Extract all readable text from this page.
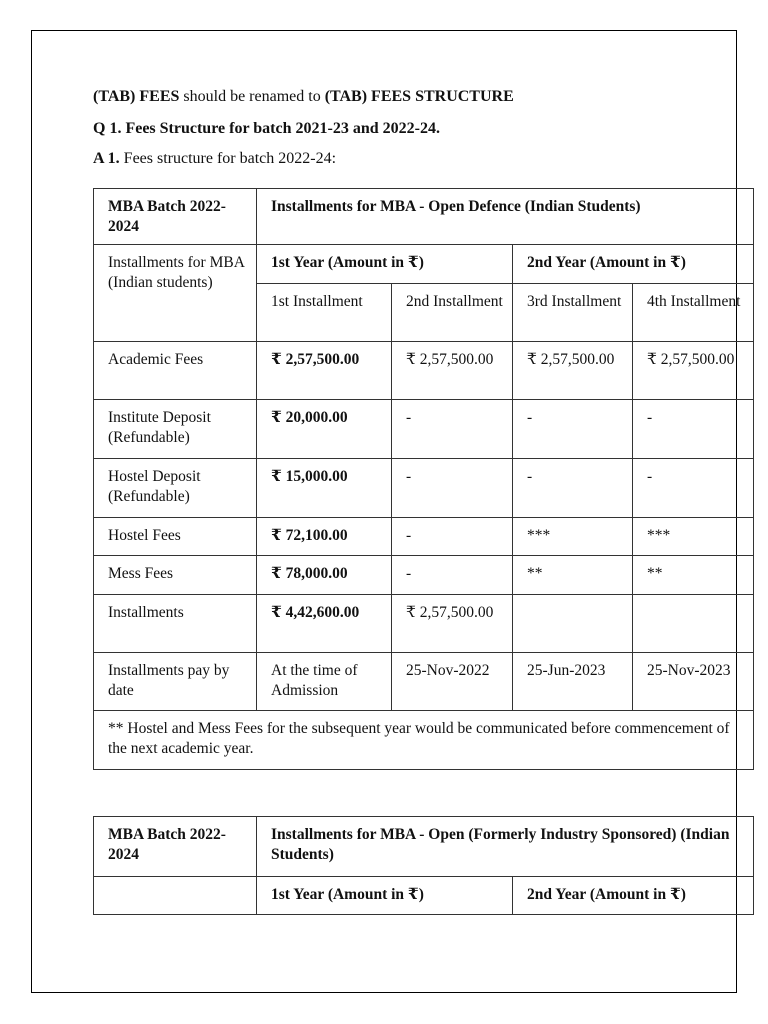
(TAB) FEES should be renamed to (TAB) FEES STRUCTURE
Q 1. Fees Structure for batch 2021-23 and 2022-24.
A 1. Fees structure for batch 2022-24:
MBA Batch 2022-2024	Installments for MBA - Open Defence (Indian Students)			
Installments for MBA (Indian students)	1st Year (Amount in ₹)		2nd Year (Amount in ₹)	
	1st Installment	2nd Installment	3rd Installment	4th Installment
Academic Fees	₹ 2,57,500.00	₹ 2,57,500.00	₹ 2,57,500.00	₹ 2,57,500.00
Institute Deposit (Refundable)	₹ 20,000.00	-	-	-
Hostel Deposit (Refundable)	₹ 15,000.00	-	-	-
Hostel Fees	₹ 72,100.00	-	***	***
Mess Fees	₹ 78,000.00	-	**	**
Installments	₹ 4,42,600.00	₹ 2,57,500.00		
Installments pay by date	At the time of Admission	25-Nov-2022	25-Jun-2023	25-Nov-2023
** Hostel and Mess Fees for the subsequent year would be communicated before commencement of the next academic year.				
MBA Batch 2022-2024	Installments for MBA - Open (Formerly Industry Sponsored) (Indian Students)	
	1st Year (Amount in ₹)	2nd Year (Amount in ₹)
